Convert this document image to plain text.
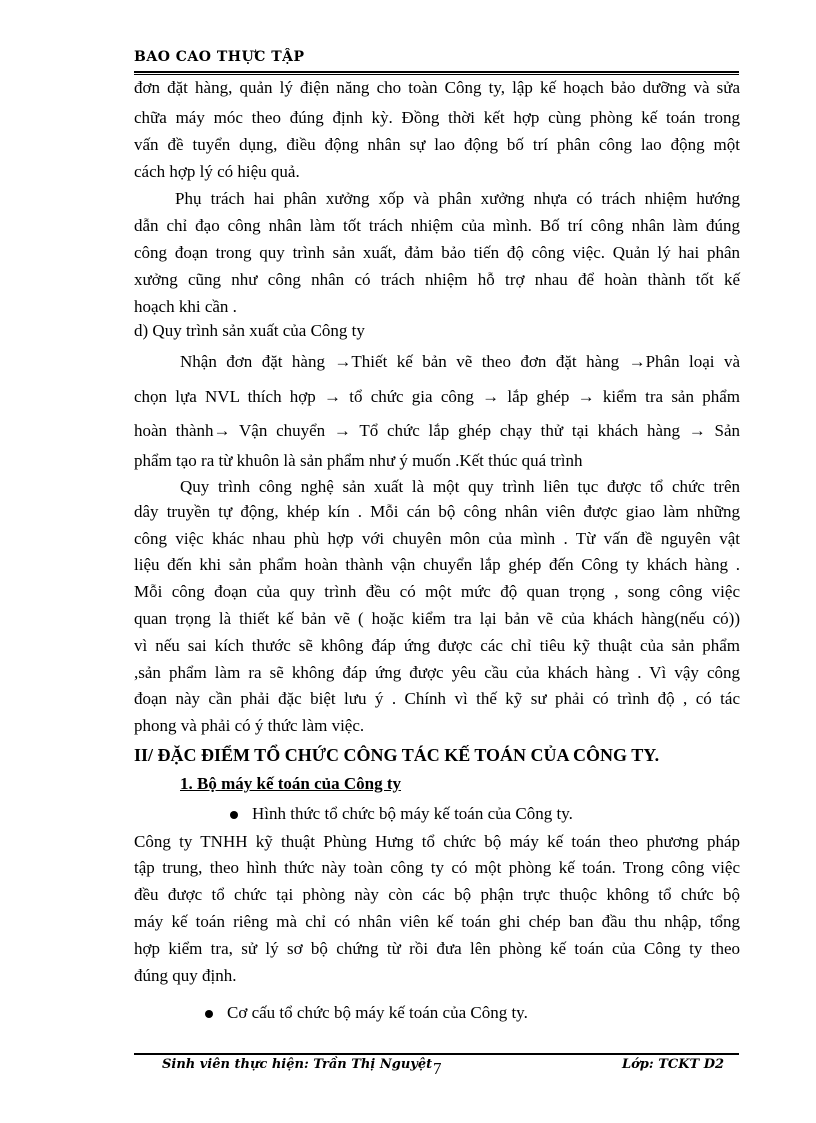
BAO CAO THỰC TẬP
đơn đặt hàng, quản lý điện năng cho toàn Công ty, lập kế hoạch bảo dưỡng và sửa
chữa máy móc theo đúng định kỳ. Đồng thời kết hợp cùng phòng kế toán trong
vấn đề tuyển dụng, điều động nhân sự lao động bố trí phân công lao động một
cách hợp lý có hiệu quả.
Phụ trách hai phân xưởng xốp và phân xưởng nhựa có trách nhiệm hướng
dẫn chỉ đạo công nhân làm tốt trách nhiệm của mình. Bố trí công nhân làm đúng
công đoạn trong quy trình sản xuất, đảm bảo tiến độ công việc. Quản lý hai phân
xưởng cũng như công nhân có trách nhiệm hỗ trợ nhau để hoàn thành tốt kế
hoạch khi cần .
d) Quy trình sản xuất của Công ty
Nhận đơn đặt hàng →Thiết kế bản vẽ theo đơn đặt hàng →Phân loại và
chọn lựa NVL thích hợp → tổ chức gia công → lắp ghép → kiểm tra sản phẩm
hoàn thành→ Vận chuyển → Tổ chức lắp ghép chạy thử tại khách hàng → Sản
phẩm tạo ra từ khuôn là sản phẩm như ý muốn .Kết thúc quá trình
Quy trình công nghệ sản xuất là một quy trình liên tục được tổ chức trên
dây truyền tự động, khép kín . Mỗi cán bộ công nhân viên được giao làm những
công việc khác nhau phù hợp với chuyên môn của mình . Từ vấn đề nguyên vật
liệu đến khi sản phẩm hoàn thành vận chuyển lắp ghép đến Công ty khách hàng .
Mỗi công đoạn của quy trình đều có một mức độ quan trọng , song công việc
quan trọng là thiết kế bản vẽ ( hoặc kiểm tra lại bản vẽ của khách hàng(nếu có))
vì nếu sai kích thước sẽ không đáp ứng được các chỉ tiêu kỹ thuật của sản phẩm
,sản phẩm làm ra sẽ không đáp ứng được yêu cầu của khách hàng . Vì vậy công
đoạn này cần phải đặc biệt lưu ý . Chính vì thế kỹ sư phải có trình độ , có tác
phong và phải có ý thức làm việc.
II/ ĐẶC ĐIỂM TỔ CHỨC CÔNG TÁC KẾ TOÁN CỦA CÔNG TY.
1. Bộ máy kế toán của Công ty
Hình thức tổ chức bộ máy kế toán của Công ty.
Công ty TNHH kỹ thuật Phùng Hưng tổ chức bộ máy kế toán theo phương pháp
tập trung, theo hình thức này toàn công ty có một phòng kế toán. Trong công việc
đều được tổ chức tại phòng này còn các bộ phận trực thuộc không tổ chức bộ
máy kế toán riêng mà chỉ có nhân viên kế toán ghi chép ban đầu thu nhập, tổng
hợp kiểm tra, sử lý sơ bộ chứng từ rồi đưa lên phòng kế toán của Công ty theo
đúng quy định.
Cơ cấu tổ chức bộ máy kế toán của Công ty.
Sinh viên thực hiện: Trần Thị Nguyệt 7	Lớp: TCKT D2
